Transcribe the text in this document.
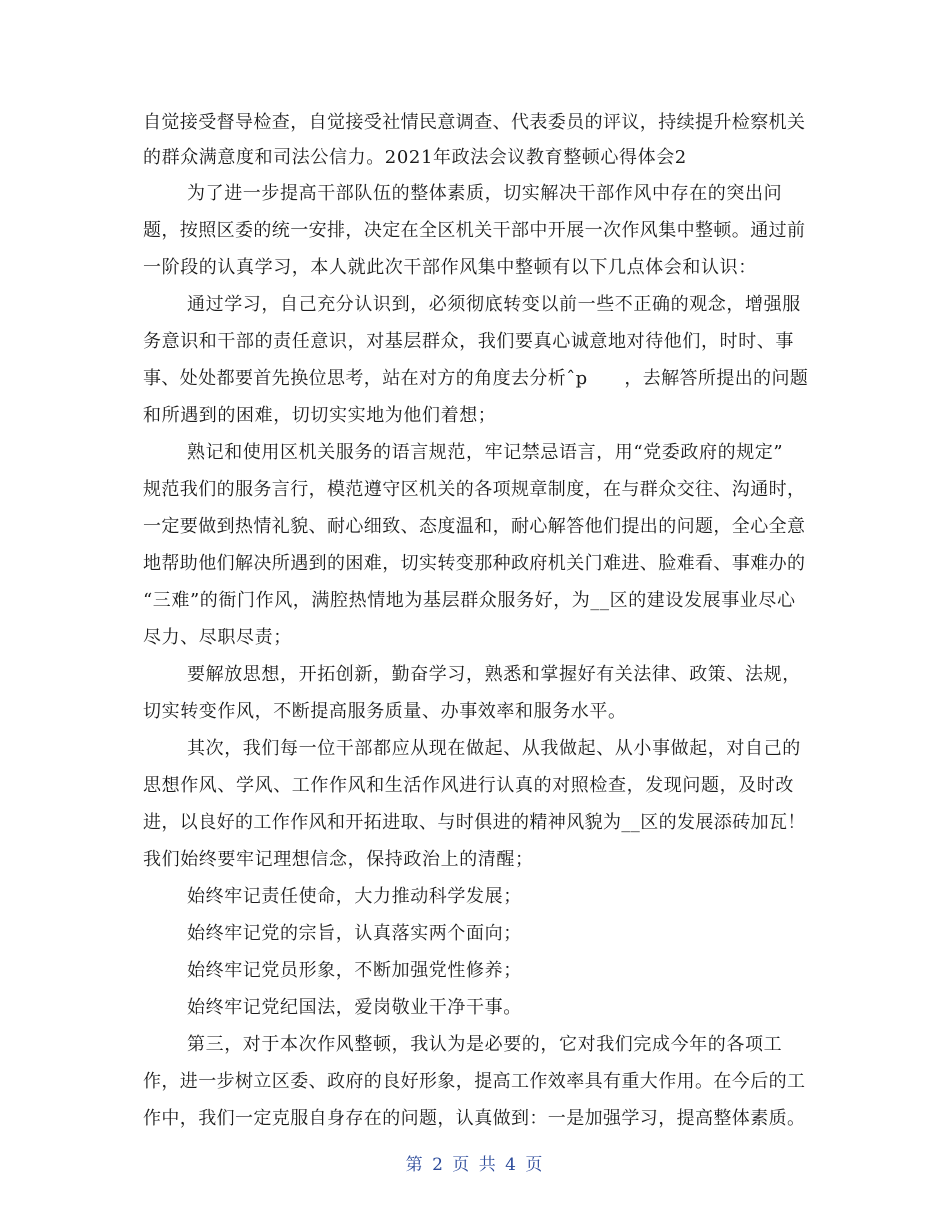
自觉接受督导检查，自觉接受社情民意调查、代表委员的评议，持续提升检察机关
的群众满意度和司法公信力。2021年政法会议教育整顿心得体会2
为了进一步提高干部队伍的整体素质，切实解决干部作风中存在的突出问
题，按照区委的统一安排，决定在全区机关干部中开展一次作风集中整顿。通过前
一阶段的认真学习，本人就此次干部作风集中整顿有以下几点体会和认识：
通过学习，自己充分认识到，必须彻底转变以前一些不正确的观念，增强服
务意识和干部的责任意识，对基层群众，我们要真心诚意地对待他们，时时、事
事、处处都要首先换位思考，站在对方的角度去分析ˆp　　，去解答所提出的问题
和所遇到的困难，切切实实地为他们着想；
熟记和使用区机关服务的语言规范，牢记禁忌语言，用“党委政府的规定”
规范我们的服务言行，模范遵守区机关的各项规章制度，在与群众交往、沟通时，
一定要做到热情礼貌、耐心细致、态度温和，耐心解答他们提出的问题，全心全意
地帮助他们解决所遇到的困难，切实转变那种政府机关门难进、脸难看、事难办的
“三难”的衙门作风，满腔热情地为基层群众服务好，为__区的建设发展事业尽心
尽力、尽职尽责；
要解放思想，开拓创新，勤奋学习，熟悉和掌握好有关法律、政策、法规，
切实转变作风，不断提高服务质量、办事效率和服务水平。
其次，我们每一位干部都应从现在做起、从我做起、从小事做起，对自己的
思想作风、学风、工作作风和生活作风进行认真的对照检查，发现问题，及时改
进，以良好的工作作风和开拓进取、与时俱进的精神风貌为__区的发展添砖加瓦！
我们始终要牢记理想信念，保持政治上的清醒；
始终牢记责任使命，大力推动科学发展；
始终牢记党的宗旨，认真落实两个面向；
始终牢记党员形象，不断加强党性修养；
始终牢记党纪国法，爱岗敬业干净干事。
第三，对于本次作风整顿，我认为是必要的，它对我们完成今年的各项工
作，进一步树立区委、政府的良好形象，提高工作效率具有重大作用。在今后的工
作中，我们一定克服自身存在的问题，认真做到：一是加强学习，提高整体素质。
第 2 页 共 4 页
